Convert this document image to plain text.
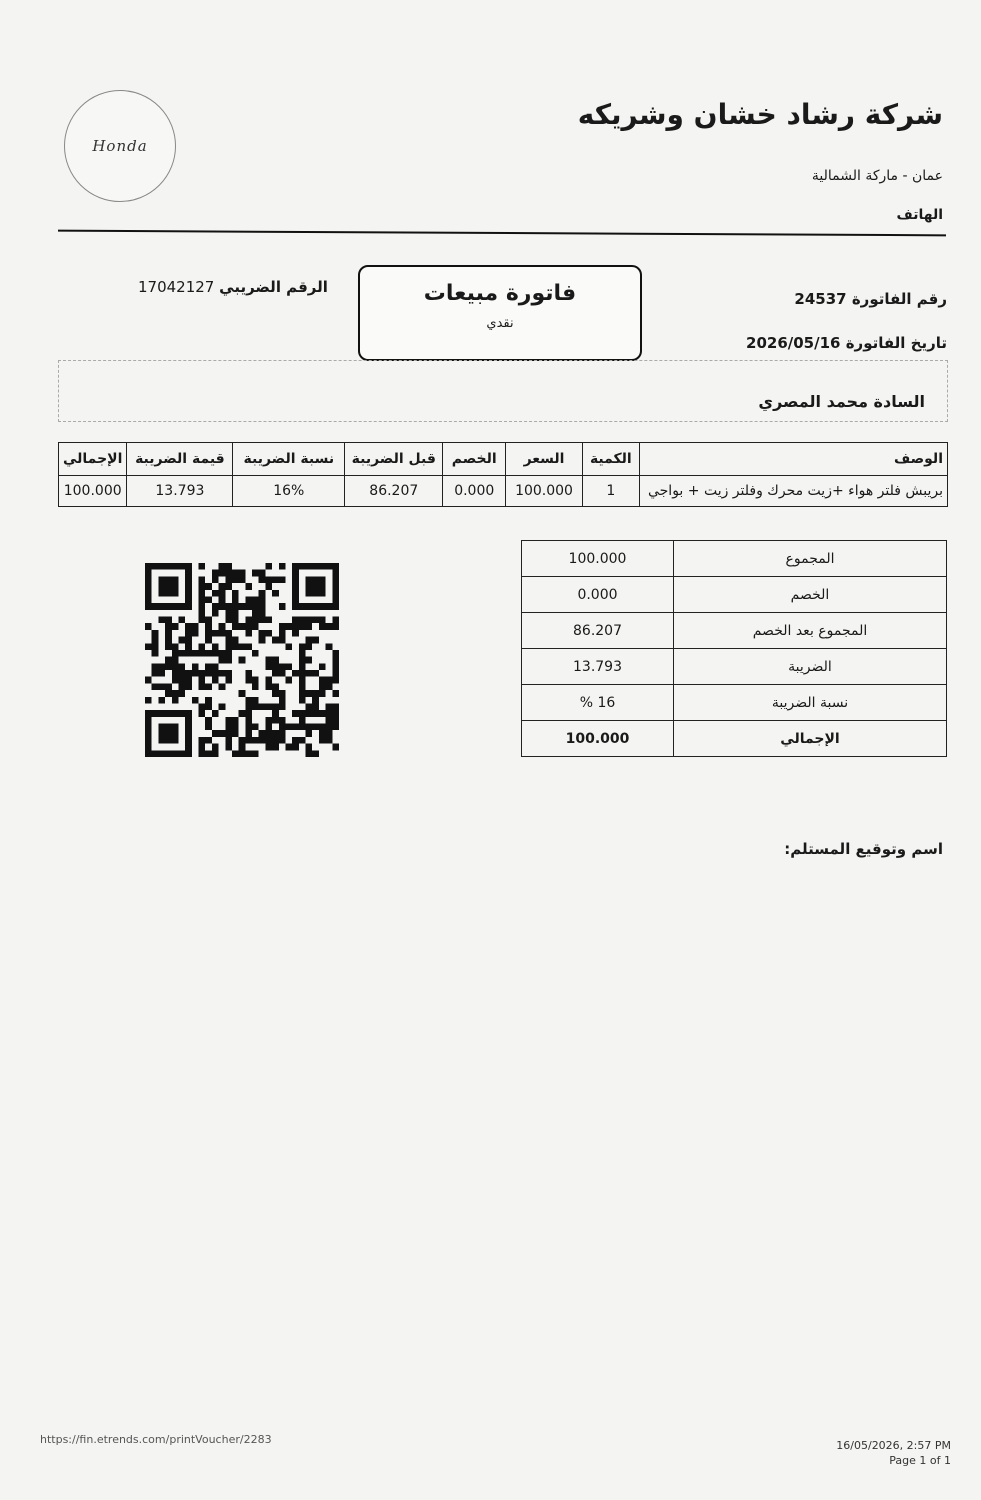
Honda
شركة رشاد خشان وشريكه
عمان - ماركة الشمالية
الهاتف
رقم الفاتورة 24537
تاريخ الفاتورة 2026/05/16
فاتورة مبيعات
نقدي
الرقم الضريبي 17042127
السادة محمد المصري
الوصف	الكمية	السعر	الخصم	قبل الضريبة	نسبة الضريبة	قيمة الضريبة	الإجمالي
بريبش فلتر هواء +زيت محرك وفلتر زيت + بواجي	1	100.000	0.000	86.207	16%	13.793	100.000
المجموع	100.000
الخصم	0.000
المجموع بعد الخصم	86.207
الضريبة	13.793
نسبة الضريبة	16 %
الإجمالي	100.000
اسم وتوقيع المستلم:
https://fin.etrends.com/printVoucher/2283	16/05/2026, 2:57 PM
Page 1 of 1
